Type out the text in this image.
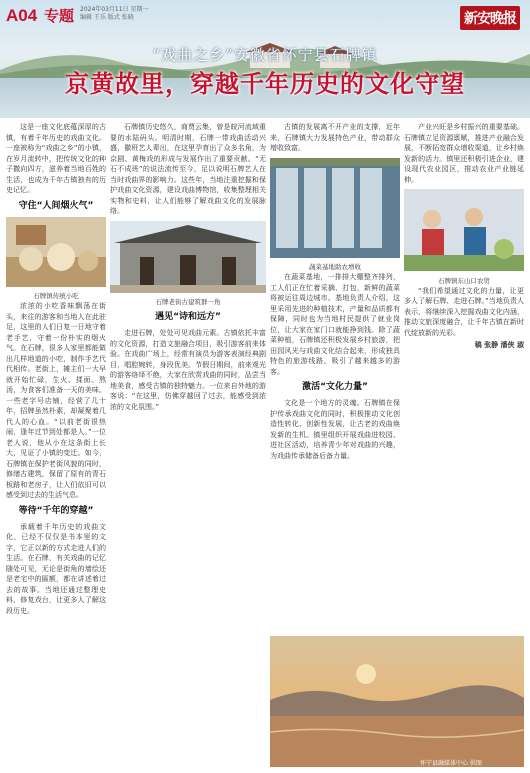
A04 专题 2024年03月11日 星期一
编辑 王乐 版式 张晓	新安晚报
“戏曲之乡”安徽省怀宁县石牌镇
京黄故里，穿越千年历史的文化守望

这是一座文化底蕴深厚的古镇，有着千年历史的戏曲文化。一座被称为“戏曲之乡”的小镇，在岁月流转中，把传统文化的种子撒向四方，滋养着当地百姓的生活，也成为千年古镇独有的历史记忆。

守住“人间烟火气”
石牌镇传统小吃

浓浓的小吃香味飘荡在街头，来往的游客和当地人在此驻足，这里的人们日复一日地守着老手艺，守着一份朴实的烟火气。在石牌，很多人家里都能做出几样地道的小吃，制作手艺代代相传。老街上，摊主们一大早就开始忙碌，生火、揉面、熬汤，为食客们准备一天的美味。一些老字号店铺，经营了几十年，招牌虽然朴素，却凝聚着几代人的心血。“以前老街很热闹，逢年过节到处都是人。”一位老人说，他从小在这条街上长大，见证了小镇的变迁。如今，石牌镇在保护老街风貌的同时，修缮古建筑，保留了原有的青石板路和老房子，让人们依旧可以感受到过去的生活气息。

等待“千年的穿越”

承载着千年历史的戏曲文化，已经不仅仅是书本里的文字，它正以新的方式走进人们的生活。在石牌，有关戏曲的记忆随处可见，无论是街角的墙绘还是老宅中的匾额，都在讲述着过去的故事。当地还通过整理史料、修复戏台，让更多人了解这段历史。

石牌镇历史悠久，商贾云集，曾是皖河流域重要的水陆码头。明清时期，石牌一带戏曲活动兴盛，徽班艺人辈出，在这里孕育出了众多名角，为京剧、黄梅戏的形成与发展作出了重要贡献。“无石不成班”的说法流传至今，足以说明石牌艺人在当时戏曲界的影响力。这些年，当地注重挖掘和保护戏曲文化资源，建设戏曲博物馆，收集整理相关实物和史料，让人们能够了解戏曲文化的发展脉络。

石牌老街古建筑群一角
遇见“诗和远方”

走进石牌，处处可见戏曲元素。古镇依托丰富的文化资源，打造文旅融合项目，吸引游客前来体验。在戏曲广场上，经常有演员为游客表演经典剧目，唱腔婉转，身段优美。节假日期间，前来观光的游客络绎不绝，大家在欣赏戏曲的同时，品尝当地美食，感受古镇的独特魅力。一位来自外地的游客说：“在这里，仿佛穿越回了过去，能感受到浓浓的文化氛围。”

古镇的发展离不开产业的支撑，近年来，石牌镇大力发展特色产业，带动群众增收致富。

蔬菜基地助农增收

在蔬菜基地，一排排大棚整齐排列，工人们正在忙着采摘、打包，新鲜的蔬菜将被运往周边城市。基地负责人介绍，这里采用先进的种植技术，产量和品质都有保障，同时也为当地村民提供了就业岗位，让大家在家门口就能挣到钱。除了蔬菜种植，石牌镇还积极发展乡村旅游，把田园风光与戏曲文化结合起来，形成独具特色的旅游线路，吸引了越来越多的游客。

激活“文化力量”

文化是一个地方的灵魂。石牌镇在保护传承戏曲文化的同时，积极推动文化创造性转化、创新性发展，让古老的戏曲焕发新的生机。镇里组织开展戏曲进校园、进社区活动，培养青少年对戏曲的兴趣，为戏曲传承储备后备力量。

产业兴旺是乡村振兴的重要基础。石牌镇立足资源禀赋，推进产业融合发展，不断拓宽群众增收渠道，让乡村焕发新的活力。镇里还积极引进企业，建设现代农业园区，推动农业产业链延伸。

石牌镇东山口农贸

“我们希望通过文化的力量，让更多人了解石牌、走进石牌。”当地负责人表示，将继续深入挖掘戏曲文化内涵，推动文旅深度融合，让千年古镇在新时代绽放新的光彩。

稿 张静 潘侠 淑
怀宁县融媒体中心 供图
